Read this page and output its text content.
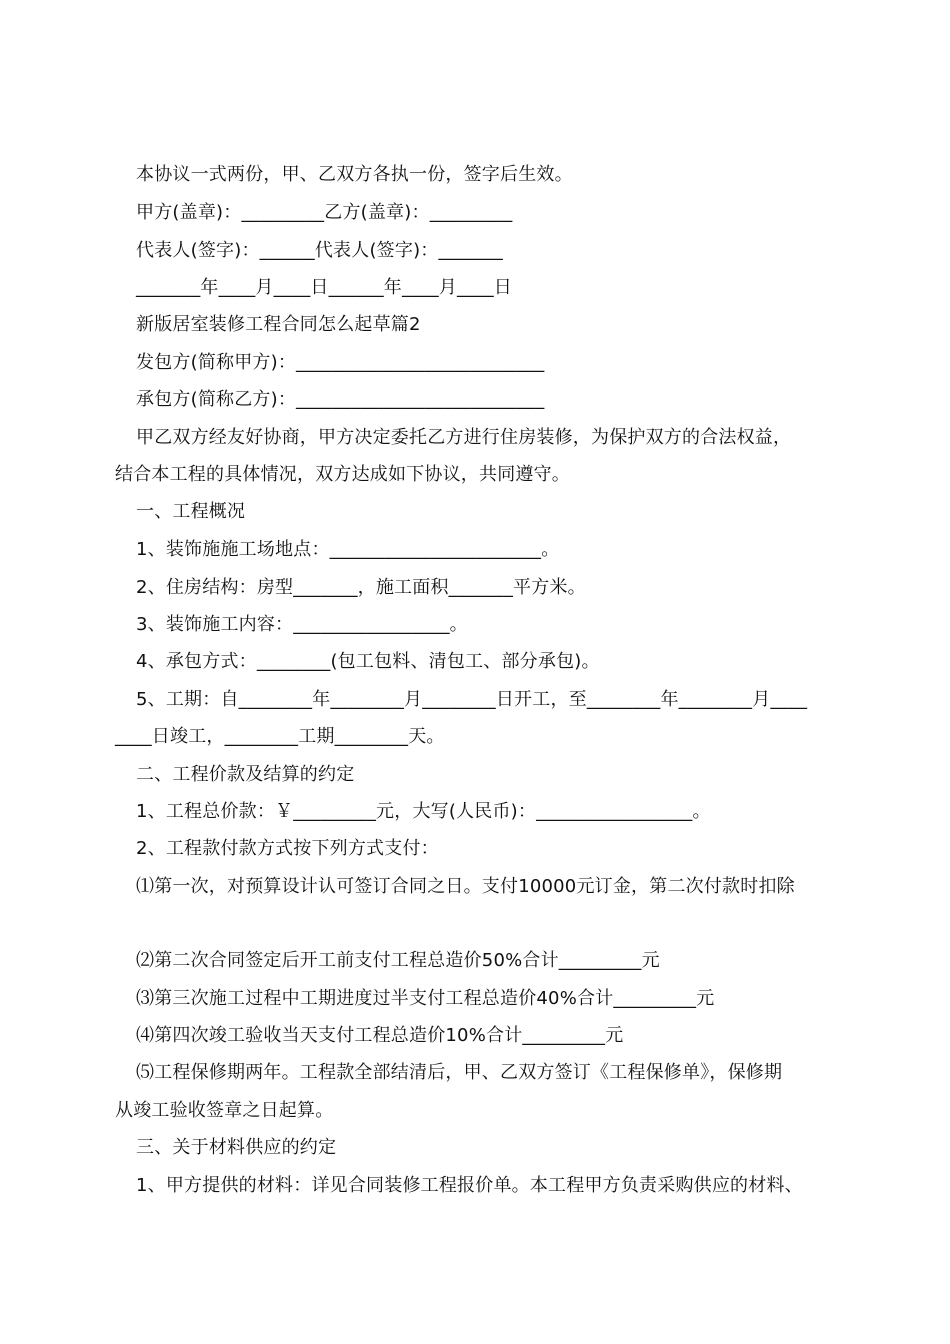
本协议一式两份，甲、乙双方各执一份，签字后生效。
甲方(盖章)：_________乙方(盖章)：_________
代表人(签字)：______代表人(签字)：_______
_______年____月____日______年____月____日
新版居室装修工程合同怎么起草篇2
发包方(简称甲方)：___________________________
承包方(简称乙方)：___________________________
甲乙双方经友好协商，甲方决定委托乙方进行住房装修，为保护双方的合法权益，
结合本工程的具体情况，双方达成如下协议，共同遵守。
一、工程概况
1、装饰施施工场地点：_______________________。
2、住房结构：房型_______，施工面积_______平方米。
3、装饰施工内容：_________________。
4、承包方式：________(包工包料、清包工、部分承包)。
5、工期：自________年________月________日开工，至________年________月____
____日竣工，________工期________天。
二、工程价款及结算的约定
1、工程总价款：￥_________元，大写(人民币)：_________________。
2、工程款付款方式按下列方式支付：
⑴第一次，对预算设计认可签订合同之日。支付10000元订金，第二次付款时扣除
⑵第二次合同签定后开工前支付工程总造价50%合计_________元
⑶第三次施工过程中工期进度过半支付工程总造价40%合计_________元
⑷第四次竣工验收当天支付工程总造价10%合计_________元
⑸工程保修期两年。工程款全部结清后，甲、乙双方签订《工程保修单》，保修期
从竣工验收签章之日起算。
三、关于材料供应的约定
1、甲方提供的材料：详见合同装修工程报价单。本工程甲方负责采购供应的材料、
